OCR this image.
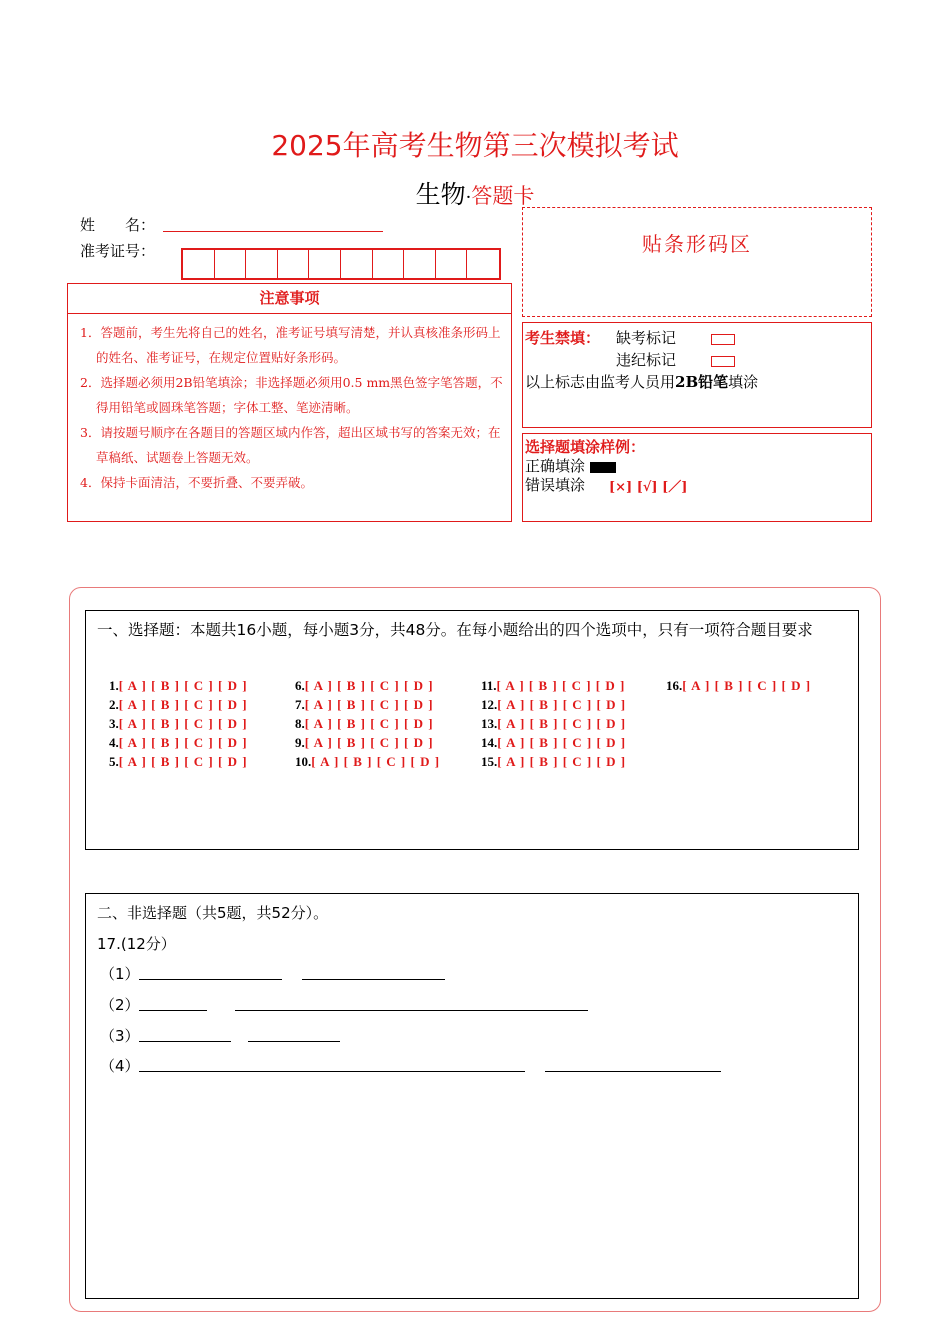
2025年高考生物第三次模拟考试
生物·答题卡
姓　　名：
准考证号：
注意事项
1．答题前，考生先将自己的姓名，准考证号填写清楚，并认真核准条形码上的姓名、准考证号，在规定位置贴好条形码。
2．选择题必须用2B铅笔填涂；非选择题必须用0.5 mm黑色签字笔答题，不得用铅笔或圆珠笔答题；字体工整、笔迹清晰。
3．请按题号顺序在各题目的答题区域内作答，超出区域书写的答案无效；在草稿纸、试题卷上答题无效。
4．保持卡面清洁，不要折叠、不要弄破。
贴条形码区
考生禁填： 缺考标记
违纪标记
以上标志由监考人员用2B铅笔填涂
选择题填涂样例：
正确填涂
错误填涂 [×] [√] [／]
一、选择题：本题共16小题，每小题3分，共48分。在每小题给出的四个选项中，只有一项符合题目要求
1.[ A ] [ B ] [ C ] [ D ]
2.[ A ] [ B ] [ C ] [ D ]
3.[ A ] [ B ] [ C ] [ D ]
4.[ A ] [ B ] [ C ] [ D ]
5.[ A ] [ B ] [ C ] [ D ]
6.[ A ] [ B ] [ C ] [ D ]
7.[ A ] [ B ] [ C ] [ D ]
8.[ A ] [ B ] [ C ] [ D ]
9.[ A ] [ B ] [ C ] [ D ]
10.[ A ] [ B ] [ C ] [ D ]
11.[ A ] [ B ] [ C ] [ D ]
12.[ A ] [ B ] [ C ] [ D ]
13.[ A ] [ B ] [ C ] [ D ]
14.[ A ] [ B ] [ C ] [ D ]
15.[ A ] [ B ] [ C ] [ D ]
16.[ A ] [ B ] [ C ] [ D ]
二、非选择题（共5题，共52分）。
17.(12分）
（1）
（2）
（3）
（4）
